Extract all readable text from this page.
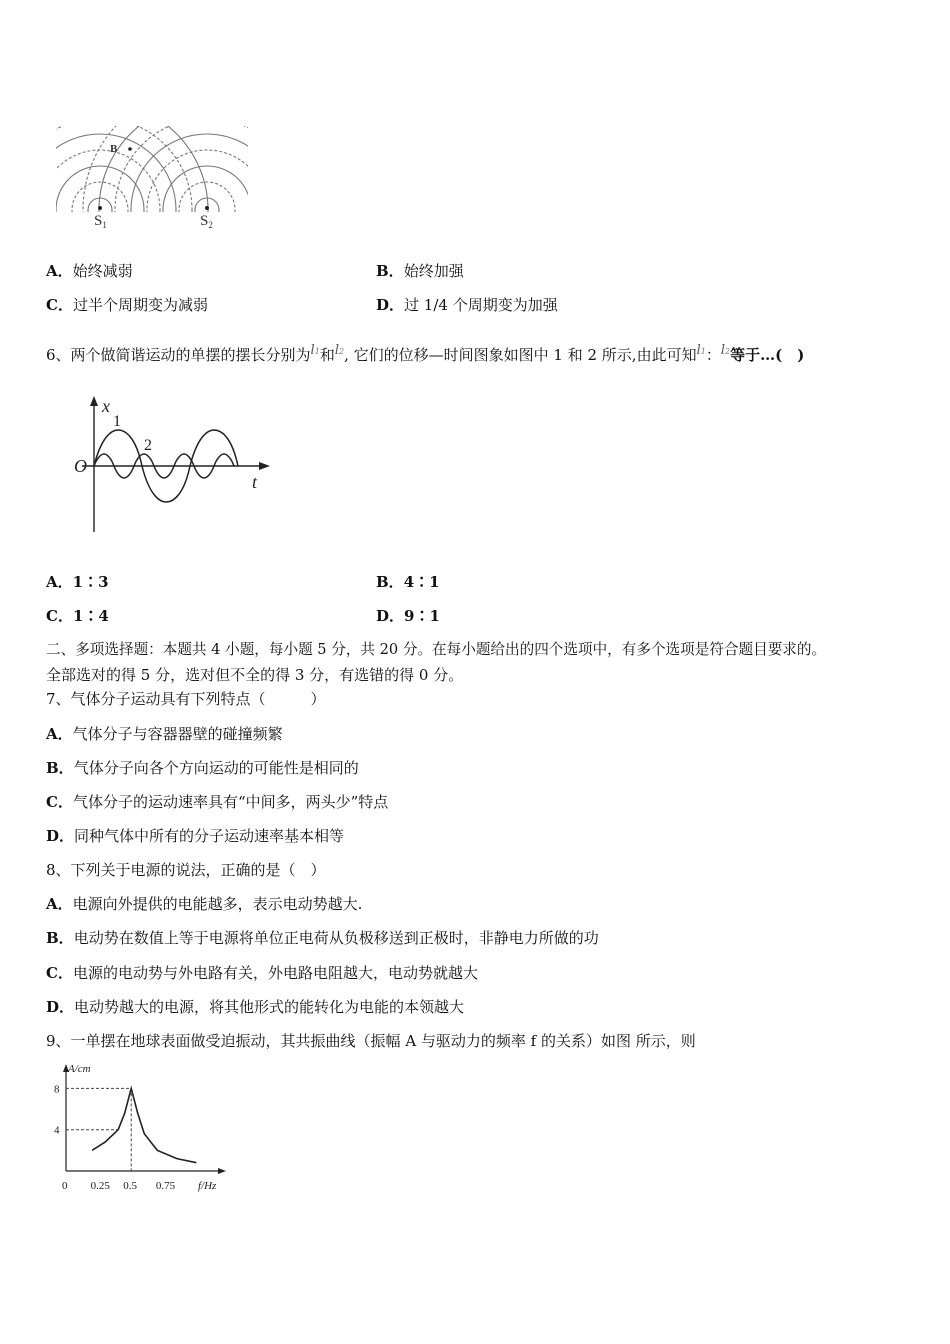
B
$S_1$	$S_2$
A．始终减弱	B．始终加强
C．过半个周期变为减弱	D．过 1/4 个周期变为加强
6、两个做简谐运动的单摆的摆长分别为l1和l2, 它们的位移—时间图象如图中 1 和 2 所示,由此可知l1：l2等于…(　)
x
t
O
1
2
A．1∶3	B．4∶1
C．1∶4	D．9∶1
二、多项选择题：本题共 4 小题，每小题 5 分，共 20 分。在每小题给出的四个选项中，有多个选项是符合题目要求的。
全部选对的得 5 分，选对但不全的得 3 分，有选错的得 0 分。
7、气体分子运动具有下列特点（　　　）
A．气体分子与容器器壁的碰撞频繁
B．气体分子向各个方向运动的可能性是相同的
C．气体分子的运动速率具有“中间多，两头少”特点
D．同种气体中所有的分子运动速率基本相等
8、下列关于电源的说法，正确的是（　）
A．电源向外提供的电能越多，表示电动势越大.
B．电动势在数值上等于电源将单位正电荷从负极移送到正极时，非静电力所做的功
C．电源的电动势与外电路有关，外电路电阻越大，电动势就越大
D．电动势越大的电源，将其他形式的能转化为电能的本领越大
9、一单摆在地球表面做受迫振动，其共振曲线（振幅 A 与驱动力的频率 f 的关系）如图 所示，则
A/cm
f/Hz
0 0.25 0.5 0.75
4
8
